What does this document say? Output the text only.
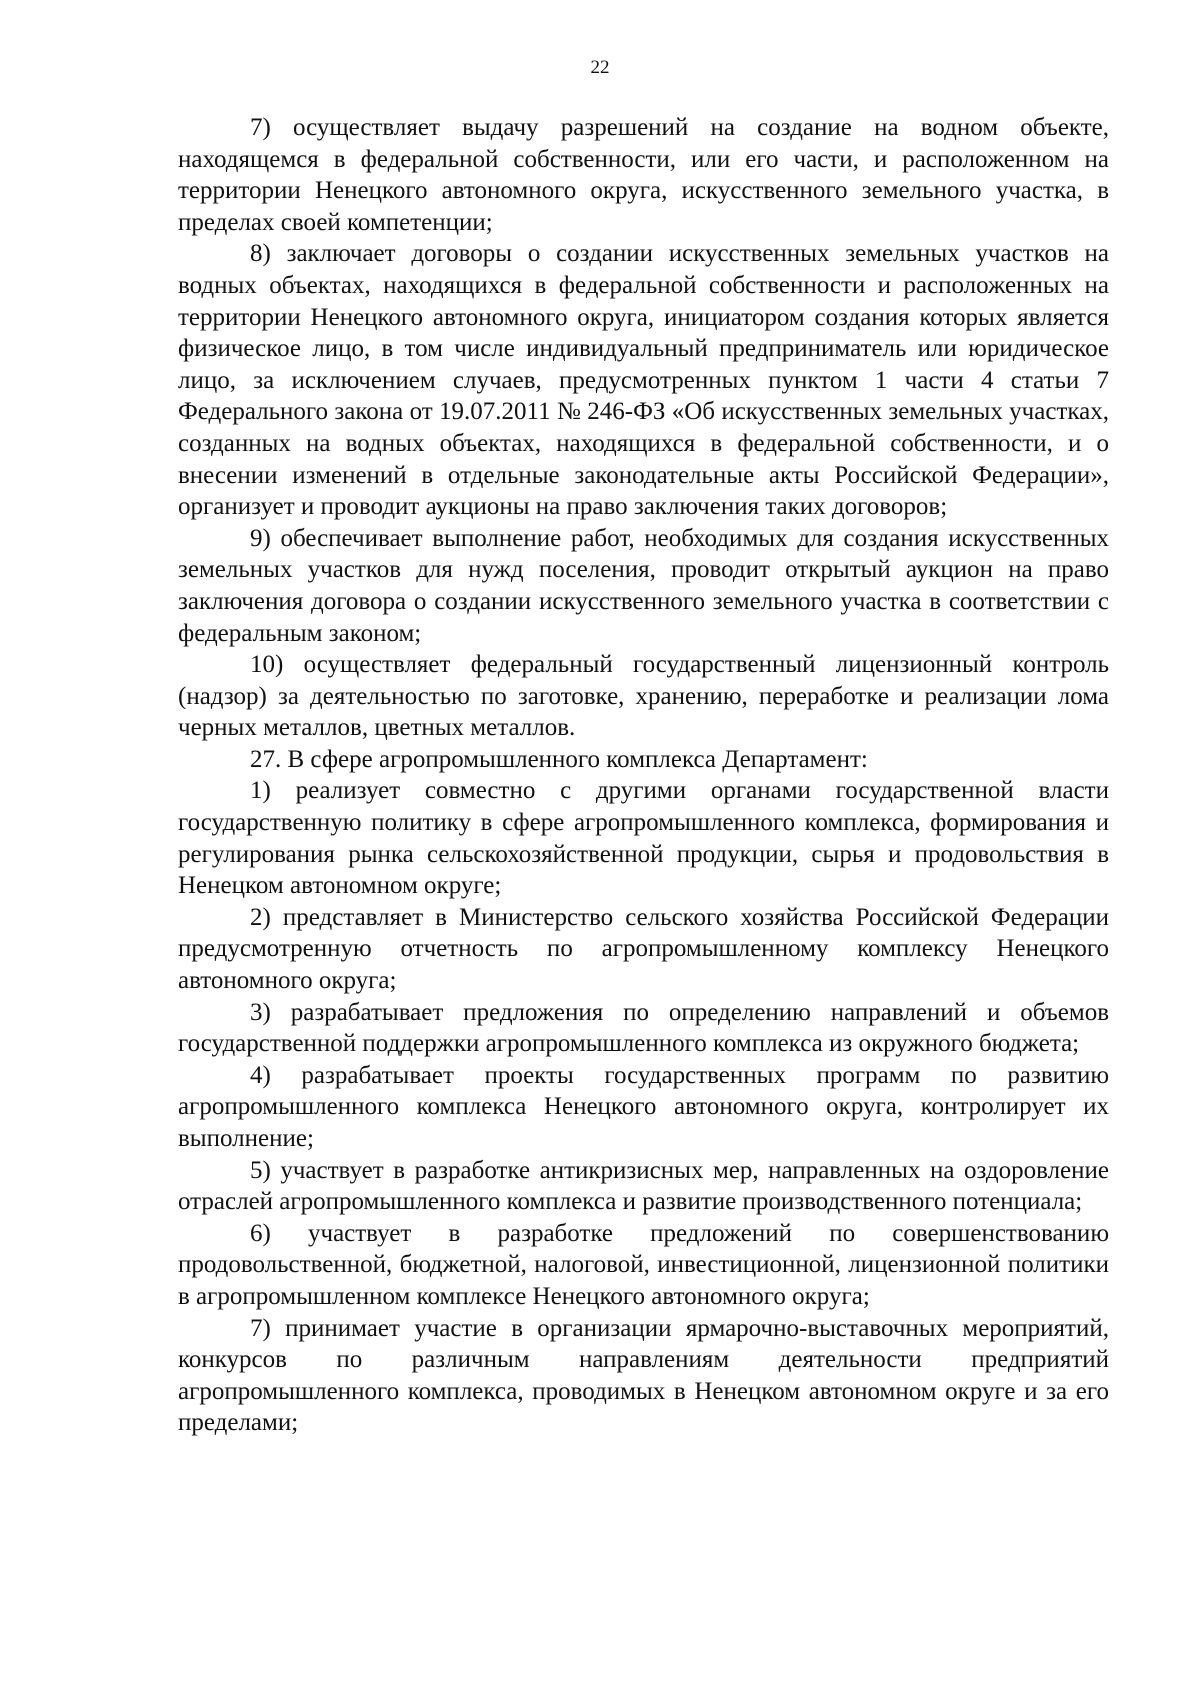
22

7) осуществляет выдачу разрешений на создание на водном объекте, находящемся в федеральной собственности, или его части, и расположенном на территории Ненецкого автономного округа, искусственного земельного участка, в пределах своей компетенции;

8) заключает договоры о создании искусственных земельных участков на водных объектах, находящихся в федеральной собственности и расположенных на территории Ненецкого автономного округа, инициатором создания которых является физическое лицо, в том числе индивидуальный предприниматель или юридическое лицо, за исключением случаев, предусмотренных пунктом 1 части 4 статьи 7 Федерального закона от 19.07.2011 № 246-ФЗ «Об искусственных земельных участках, созданных на водных объектах, находящихся в федеральной собственности, и о внесении изменений в отдельные законодательные акты Российской Федерации», организует и проводит аукционы на право заключения таких договоров;

9) обеспечивает выполнение работ, необходимых для создания искусственных земельных участков для нужд поселения, проводит открытый аукцион на право заключения договора о создании искусственного земельного участка в соответствии с федеральным законом;

10) осуществляет федеральный государственный лицензионный контроль (надзор) за деятельностью по заготовке, хранению, переработке и реализации лома черных металлов, цветных металлов.

27. В сфере агропромышленного комплекса Департамент:

1) реализует совместно с другими органами государственной власти государственную политику в сфере агропромышленного комплекса, формирования и регулирования рынка сельскохозяйственной продукции, сырья и продовольствия в Ненецком автономном округе;

2) представляет в Министерство сельского хозяйства Российской Федерации предусмотренную отчетность по агропромышленному комплексу Ненецкого автономного округа;

3) разрабатывает предложения по определению направлений и объемов государственной поддержки агропромышленного комплекса из окружного бюджета;

4) разрабатывает проекты государственных программ по развитию агропромышленного комплекса Ненецкого автономного округа, контролирует их выполнение;

5) участвует в разработке антикризисных мер, направленных на оздоровление отраслей агропромышленного комплекса и развитие производственного потенциала;

6) участвует в разработке предложений по совершенствованию продовольственной, бюджетной, налоговой, инвестиционной, лицензионной политики в агропромышленном комплексе Ненецкого автономного округа;

7) принимает участие в организации ярмарочно-выставочных мероприятий, конкурсов по различным направлениям деятельности предприятий агропромышленного комплекса, проводимых в Ненецком автономном округе и за его пределами;
